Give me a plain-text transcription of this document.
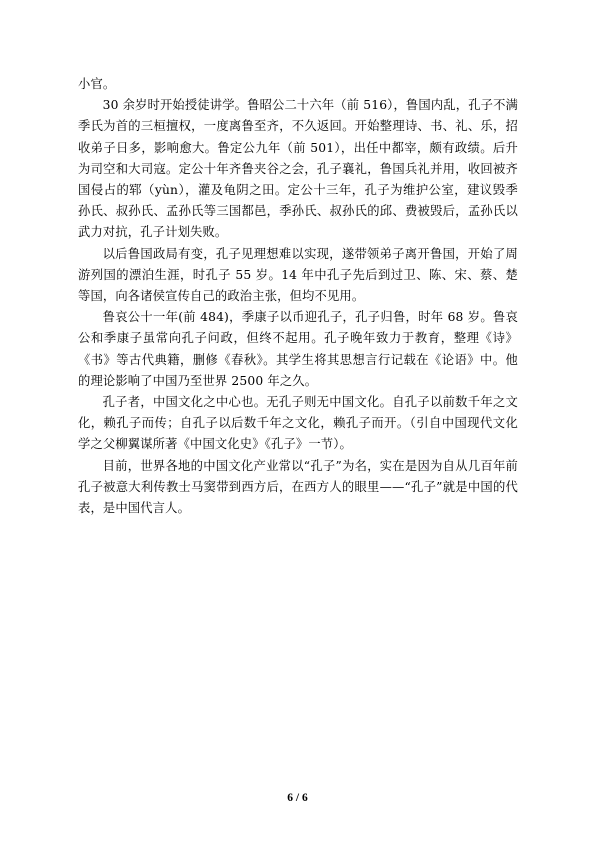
小官。

30 余岁时开始授徒讲学。鲁昭公二十六年（前 516），鲁国内乱，孔子不满季氏为首的三桓擅权，一度离鲁至齐，不久返回。开始整理诗、书、礼、乐，招收弟子日多，影响愈大。鲁定公九年（前 501），出任中都宰，颇有政绩。后升为司空和大司寇。定公十年齐鲁夹谷之会，孔子襄礼，鲁国兵礼并用，收回被齐国侵占的郓（yùn），灌及龟阴之田。定公十三年，孔子为维护公室，建议毁季孙氏、叔孙氏、孟孙氏等三国都邑，季孙氏、叔孙氏的邱、费被毁后，孟孙氏以武力对抗，孔子计划失败。

以后鲁国政局有变，孔子见理想难以实现，遂带领弟子离开鲁国，开始了周游列国的漂泊生涯，时孔子 55 岁。14 年中孔子先后到过卫、陈、宋、蔡、楚等国，向各诸侯宣传自己的政治主张，但均不见用。

鲁哀公十一年(前 484)，季康子以币迎孔子，孔子归鲁，时年 68 岁。鲁哀公和季康子虽常向孔子问政，但终不起用。孔子晚年致力于教育，整理《诗》《书》等古代典籍，删修《春秋》。其学生将其思想言行记载在《论语》中。他的理论影响了中国乃至世界 2500 年之久。

孔子者，中国文化之中心也。无孔子则无中国文化。自孔子以前数千年之文化，赖孔子而传；自孔子以后数千年之文化，赖孔子而开。（引自中国现代文化学之父柳翼谋所著《中国文化史》《孔子》一节）。

目前，世界各地的中国文化产业常以“孔子”为名，实在是因为自从几百年前孔子被意大利传教士马窦带到西方后，在西方人的眼里——“孔子”就是中国的代表，是中国代言人。

6 / 6
